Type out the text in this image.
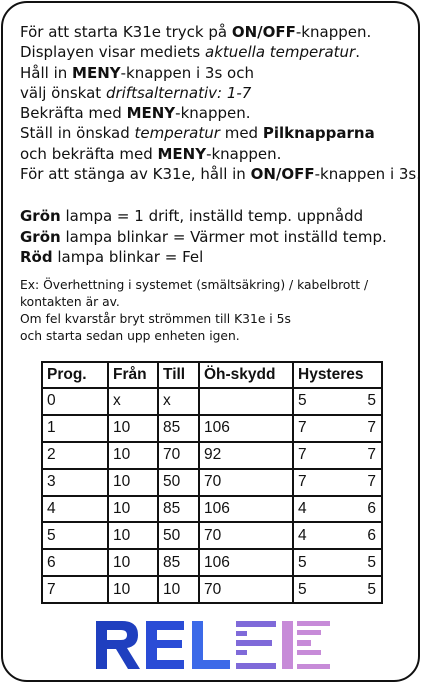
För att starta K31e tryck på ON/OFF-knappen.

Displayen visar mediets aktuella temperatur.

Håll in MENY-knappen i 3s och

välj önskat driftsalternativ: 1-7

Bekräfta med MENY-knappen.

Ställ in önskad temperatur med Pilknapparna

och bekräfta med MENY-knappen.

För att stänga av K31e, håll in ON/OFF-knappen i 3s.

Grön lampa = 1 drift, inställd temp. uppnådd

Grön lampa blinkar = Värmer mot inställd temp.

Röd lampa blinkar = Fel

Ex: Överhettning i systemet (smältsäkring) / kabelbrott /

kontakten är av.

Om fel kvarstår bryt strömmen till K31e i 5s

och starta sedan upp enheten igen.

Prog.	Från	Till	Öh-skydd	Hysteres
0	x	x		5 5

1	10	85	106	7 7

2	10	70	92	7 7

3	10	50	70	7 7

4	10	85	106	4 6

5	10	50	70	4 6

6	10	85	106	5 5

7	10	10	70	5 5
